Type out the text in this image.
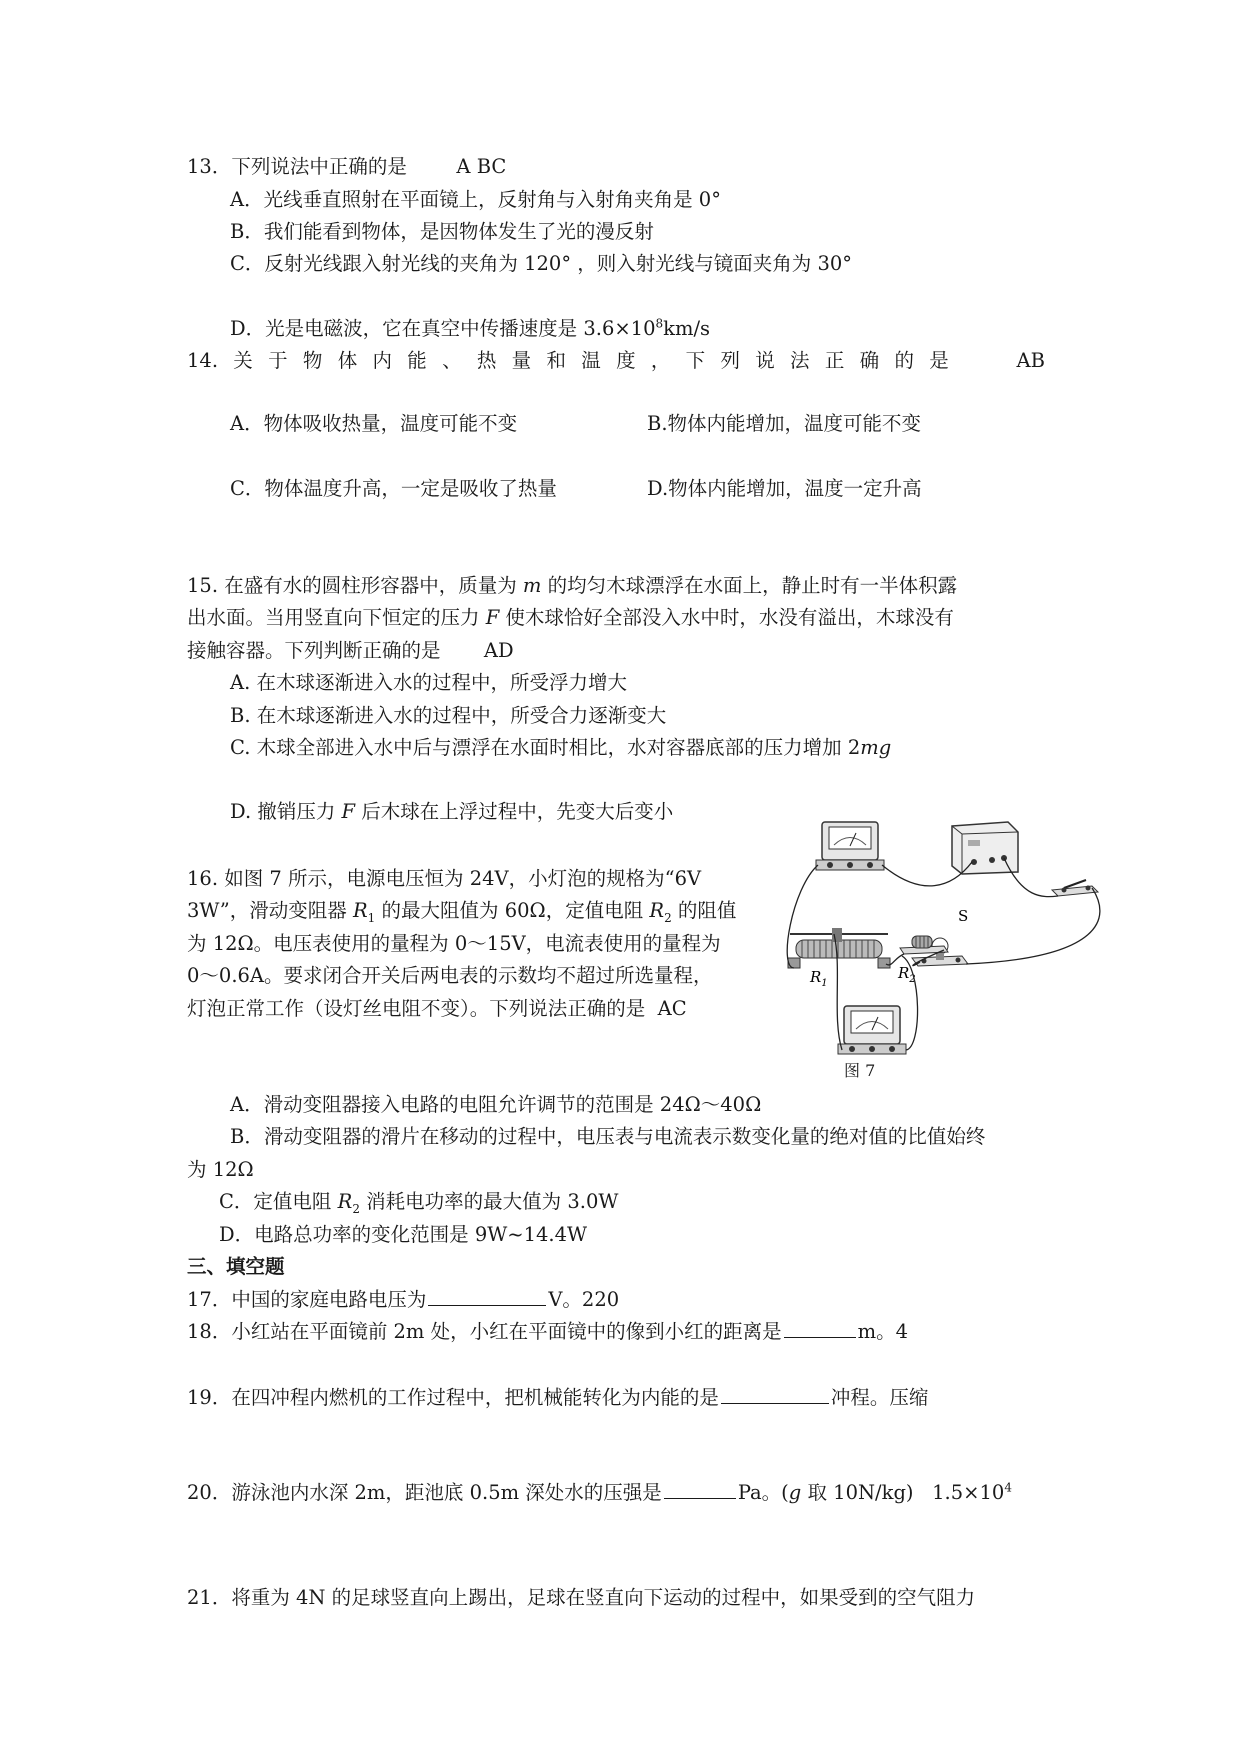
13．下列说法中正确的是	A BC
A．光线垂直照射在平面镜上，反射角与入射角夹角是 0°
B．我们能看到物体，是因物体发生了光的漫反射
C．反射光线跟入射光线的夹角为 120° ，则入射光线与镜面夹角为 30°
D．光是电磁波，它在真空中传播速度是 $3.6\times 10^8km/s$
14. 关 于 物 体 内 能 、 热 量 和 温 度 ， 下 列 说 法 正 确 的 是
	AB
A．物体吸收热量，温度可能不变	B.物体内能增加，温度可能不变
C．物体温度升高，一定是吸收了热量	D.物体内能增加，温度一定升高
15. 在盛有水的圆柱形容器中，质量为 m 的均匀木球漂浮在水面上，静止时有一半体积露
出水面。当用竖直向下恒定的压力 F 使木球恰好全部没入水中时，水没有溢出，木球没有
接触容器。下列判断正确的是 AD
A. 在木球逐渐进入水的过程中，所受浮力增大
B. 在木球逐渐进入水的过程中，所受合力逐渐变大
C. 木球全部进入水中后与漂浮在水面时相比，水对容器底部的压力增加 2mg
D. 撤销压力 F 后木球在上浮过程中，先变大后变小
16. 如图 7 所示，电源电压恒为 24V，小灯泡的规格为“6V
3W”，滑动变阻器 $R_1$ 的最大阻值为 60Ω，定值电阻 $R_2$ 的阻值
为 12Ω。电压表使用的量程为 0～15V，电流表使用的量程为
0～0.6A。要求闭合开关后两电表的示数均不超过所选量程，
灯泡正常工作（设灯丝电阻不变）。下列说法正确的是 AC
S
$R_1$
$R_2$
图 7
A．滑动变阻器接入电路的电阻允许调节的范围是 24Ω～40Ω
B．滑动变阻器的滑片在移动的过程中，电压表与电流表示数变化量的绝对值的比值始终
为 12Ω
C．定值电阻 $R_2$ 消耗电功率的最大值为 3.0W
D．电路总功率的变化范围是 9W~14.4W
三、填空题
17．中国的家庭电路电压为	V。220
18．小红站在平面镜前 2m 处，小红在平面镜中的像到小红的距离是	m。4
19．在四冲程内燃机的工作过程中，把机械能转化为内能的是	冲程。压缩
20．游泳池内水深 2m，距池底 0.5m 深处水的压强是	Pa。(g 取 10N/kg) $1.5\times 10^4$
21．将重为 4N 的足球竖直向上踢出，足球在竖直向下运动的过程中，如果受到的空气阻力
